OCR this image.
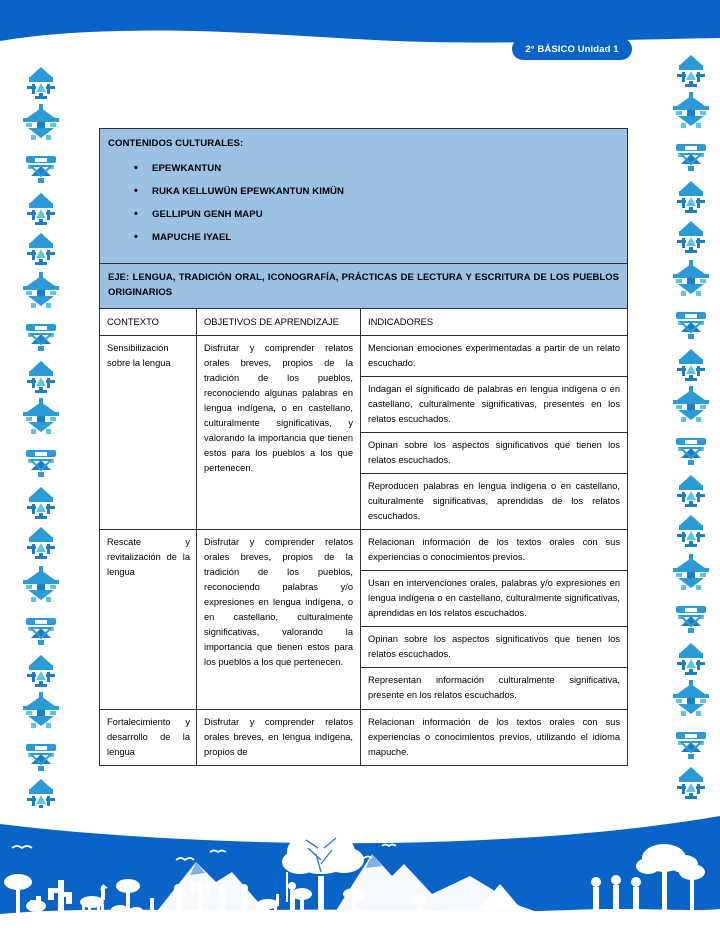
2° BÁSICO Unidad 1
CONTENIDOS CULTURALES:
• EPEWKANTUN
• RUKA KELLUWÜN EPEWKANTUN KIMÜN
• GELLIPUN GENH MAPU
• MAPUCHE IYAEL

EJE: LENGUA, TRADICIÓN ORAL, ICONOGRAFÍA, PRÁCTICAS DE LECTURA Y ESCRITURA DE LOS PUEBLOS ORIGINARIOS		
CONTEXTO	OBJETIVOS DE APRENDIZAJE	INDICADORES
Sensibilización sobre la lengua	Disfrutar y comprender relatos orales breves, propios de la tradición de los pueblos, reconociendo algunas palabras en lengua indígena, o en castellano, culturalmente significativas, y valorando la importancia que tienen estos para los pueblos a los que pertenecen.	Mencionan emociones experimentadas a partir de un relato escuchado.
		Indagan el significado de palabras en lengua indígena o en castellano, culturalmente significativas, presentes en los relatos escuchados.
		Opinan sobre los aspectos significativos que tienen los relatos escuchados.
		Reproducen palabras en lengua indígena o en castellano, culturalmente significativas, aprendidas de los relatos escuchados.
Rescate y revitalización de la lengua	Disfrutar y comprender relatos orales breves, propios de la tradición de los pueblos, reconociendo palabras y/o expresiones en lengua indígena, o en castellano, culturalmente significativas, valorando la importancia que tienen estos para los pueblos a los que pertenecen.	Relacionan información de los textos orales con sus experiencias o conocimientos previos.
		Usan en intervenciones orales, palabras y/o expresiones en lengua indígena o en castellano, culturalmente significativas, aprendidas en los relatos escuchados.
		Opinan sobre los aspectos significativos que tienen los relatos escuchados.
		Representan información culturalmente significativa, presente en los relatos escuchados.
Fortalecimiento y desarrollo de la lengua	Disfrutar y comprender relatos orales breves, en lengua indígena, propios de	Relacionan información de los textos orales con sus experiencias o conocimientos previos, utilizando el idioma mapuche.
